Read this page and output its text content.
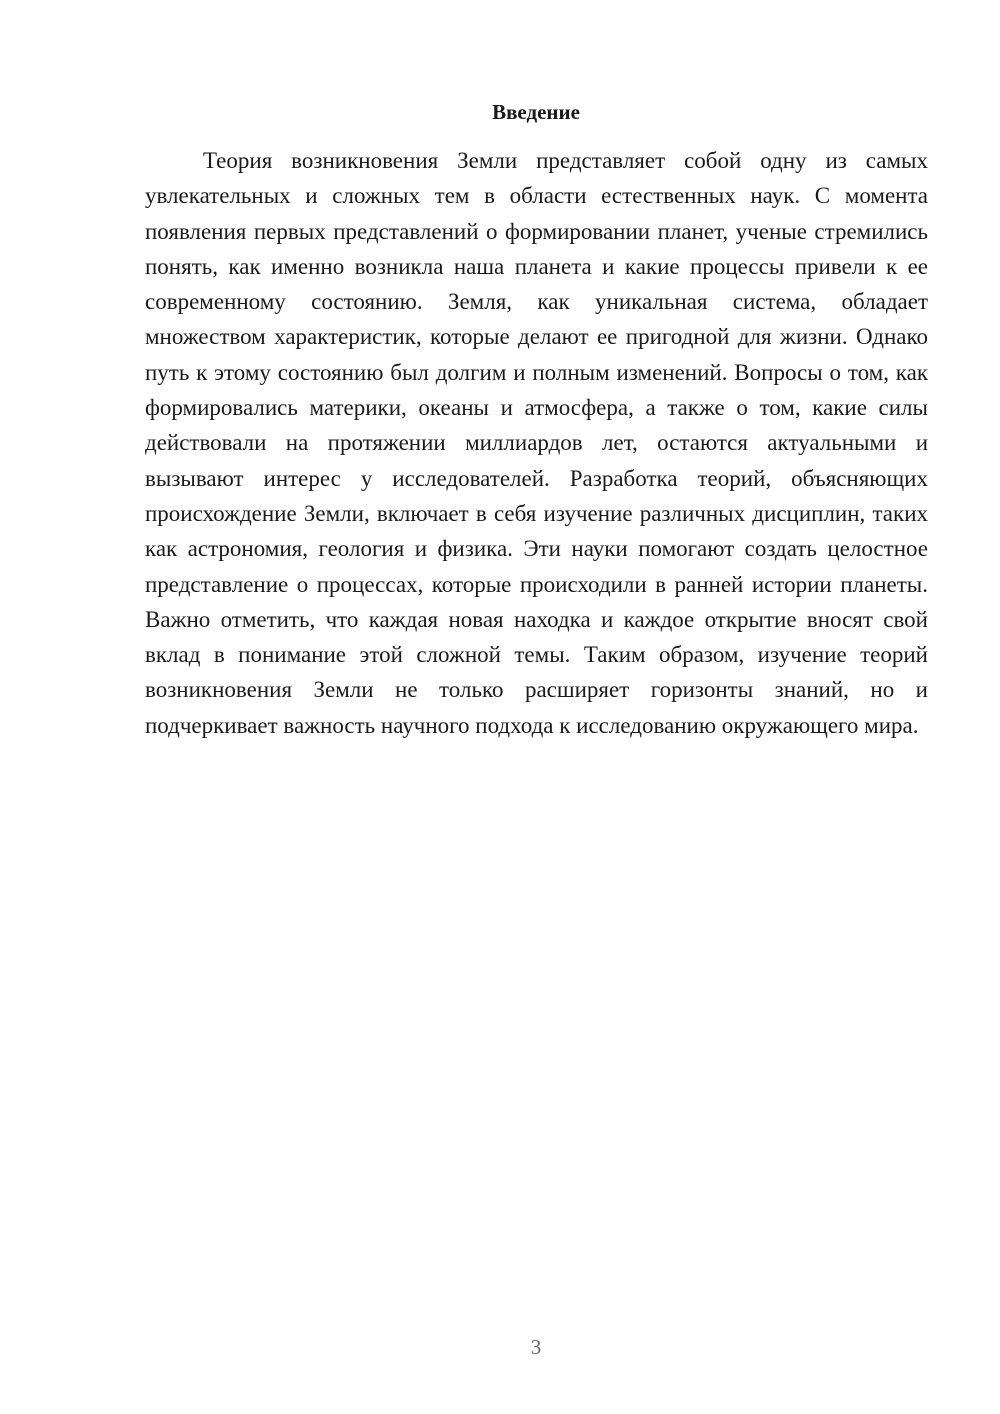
Введение

Теория возникновения Земли представляет собой одну из самых увлекательных и сложных тем в области естественных наук. С момента появления первых представлений о формировании планет, ученые стремились понять, как именно возникла наша планета и какие процессы привели к ее современному состоянию. Земля, как уникальная система, обладает множеством характеристик, которые делают ее пригодной для жизни. Однако путь к этому состоянию был долгим и полным изменений. Вопросы о том, как формировались материки, океаны и атмосфера, а также о том, какие силы действовали на протяжении миллиардов лет, остаются актуальными и вызывают интерес у исследователей. Разработка теорий, объясняющих происхождение Земли, включает в себя изучение различных дисциплин, таких как астрономия, геология и физика. Эти науки помогают создать целостное представление о процессах, которые происходили в ранней истории планеты. Важно отметить, что каждая новая находка и каждое открытие вносят свой вклад в понимание этой сложной темы. Таким образом, изучение теорий возникновения Земли не только расширяет горизонты знаний, но и подчеркивает важность научного подхода к исследованию окружающего мира.

3
